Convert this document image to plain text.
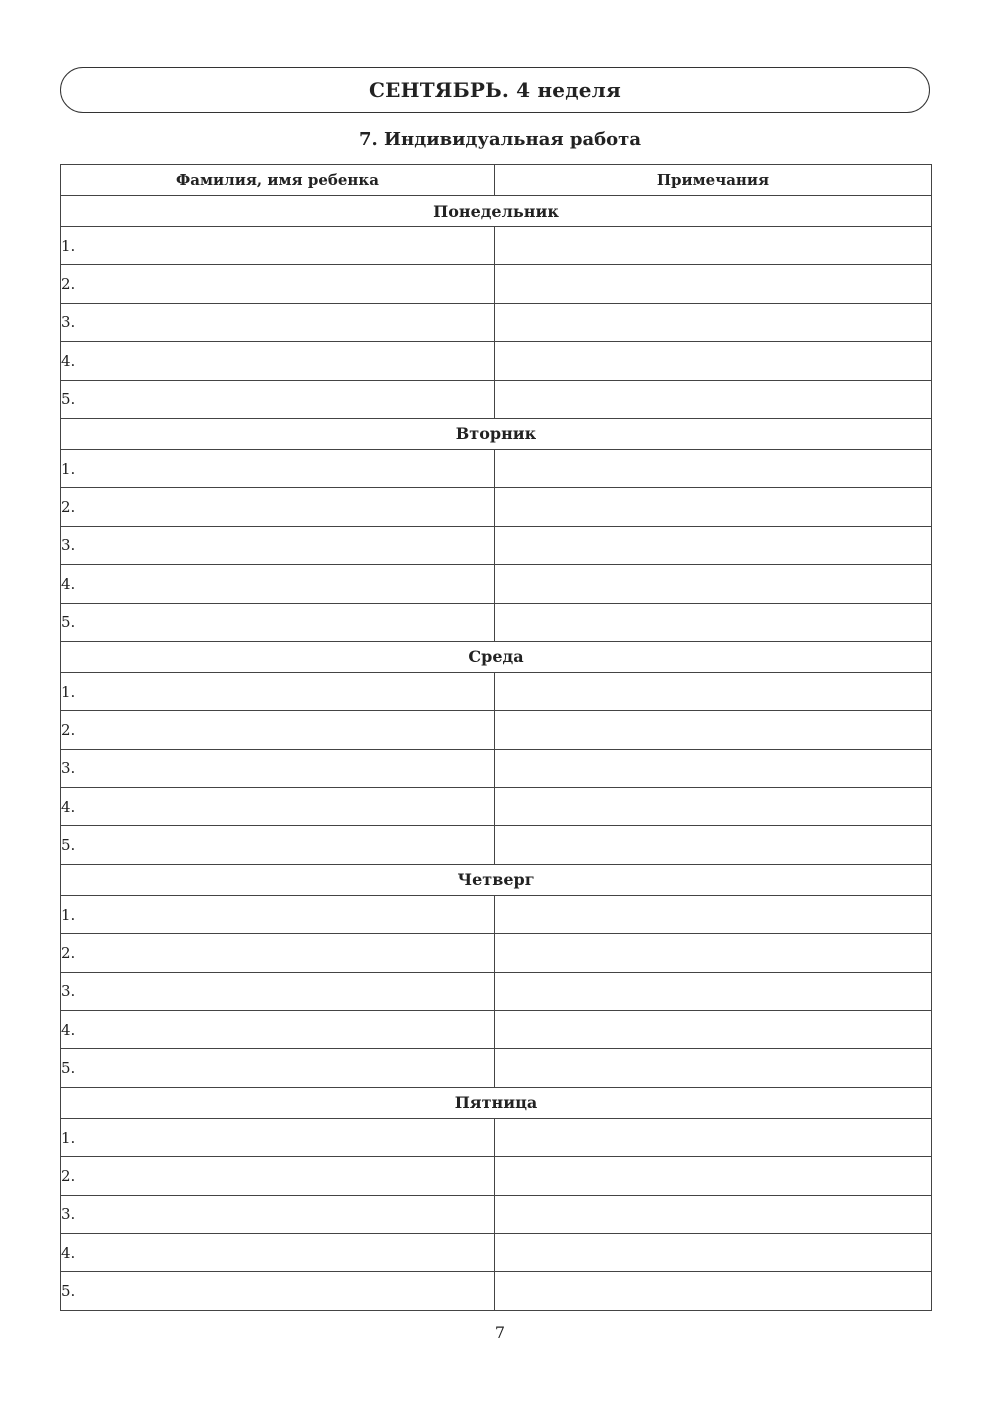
СЕНТЯБРЬ. 4 неделя
7. Индивидуальная работа
Фамилия, имя ребенка	Примечания
Понедельник	
1.	
2.	
3.	
4.	
5.	
Вторник	
1.	
2.	
3.	
4.	
5.	
Среда	
1.	
2.	
3.	
4.	
5.	
Четверг	
1.	
2.	
3.	
4.	
5.	
Пятница	
1.	
2.	
3.	
4.	
5.	
7
